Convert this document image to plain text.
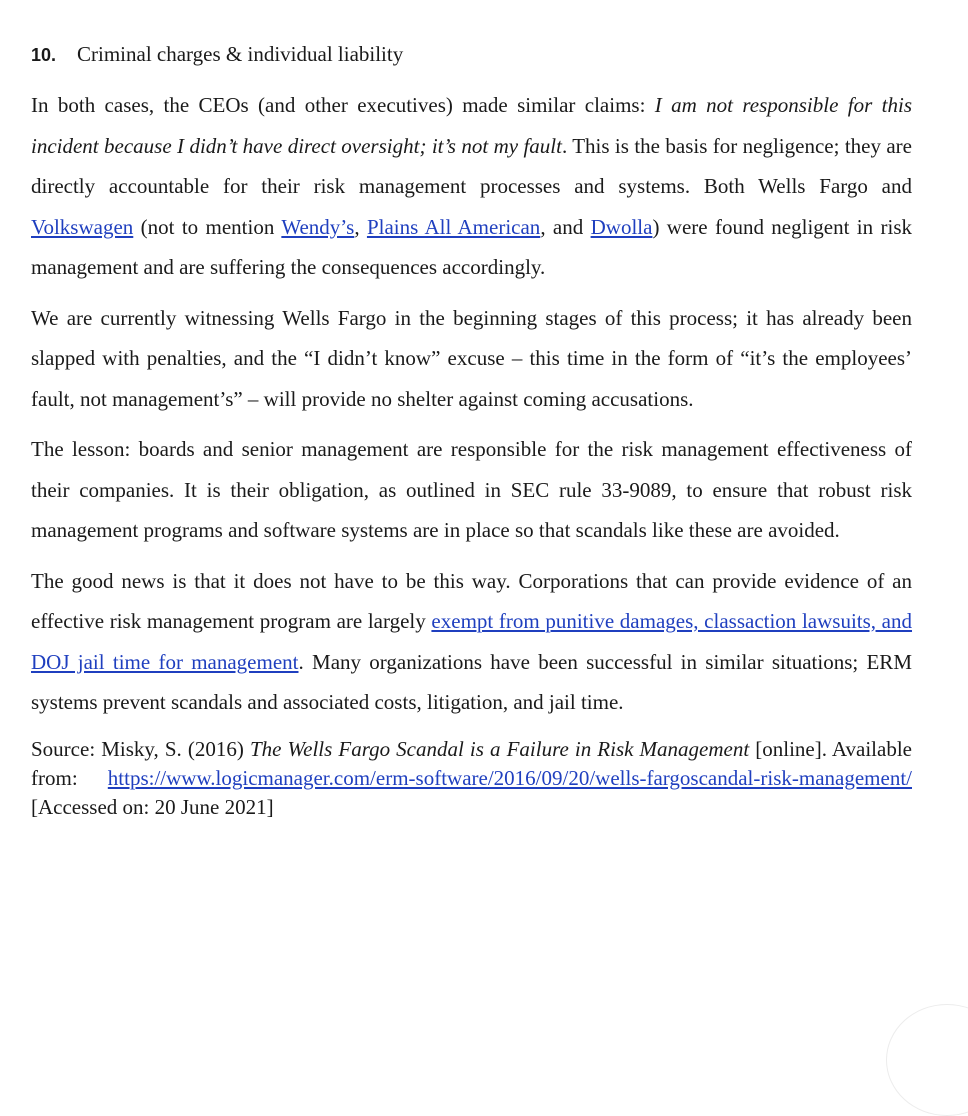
10. Criminal charges & individual liability

In both cases, the CEOs (and other executives) made similar claims: I am not responsible for this incident because I didn’t have direct oversight; it’s not my fault. This is the basis for negligence; they are directly accountable for their risk management processes and systems. Both Wells Fargo and Volkswagen (not to mention Wendy’s, Plains All American, and Dwolla) were found negligent in risk management and are suffering the consequences accordingly.

We are currently witnessing Wells Fargo in the beginning stages of this process; it has already been slapped with penalties, and the “I didn’t know” excuse – this time in the form of “it’s the employees’ fault, not management’s” – will provide no shelter against coming accusations.

The lesson: boards and senior management are responsible for the risk management effectiveness of their companies. It is their obligation, as outlined in SEC rule 33-9089, to ensure that robust risk management programs and software systems are in place so that scandals like these are avoided.

The good news is that it does not have to be this way. Corporations that can provide evidence of an effective risk management program are largely exempt from punitive damages, classaction lawsuits, and DOJ jail time for management. Many organizations have been successful in similar situations; ERM systems prevent scandals and associated costs, litigation, and jail time.

Source: Misky, S. (2016) The Wells Fargo Scandal is a Failure in Risk Management [online]. Available from: https://www.logicmanager.com/erm-software/2016/09/20/wells-fargoscandal-risk-management/ [Accessed on: 20 June 2021]
